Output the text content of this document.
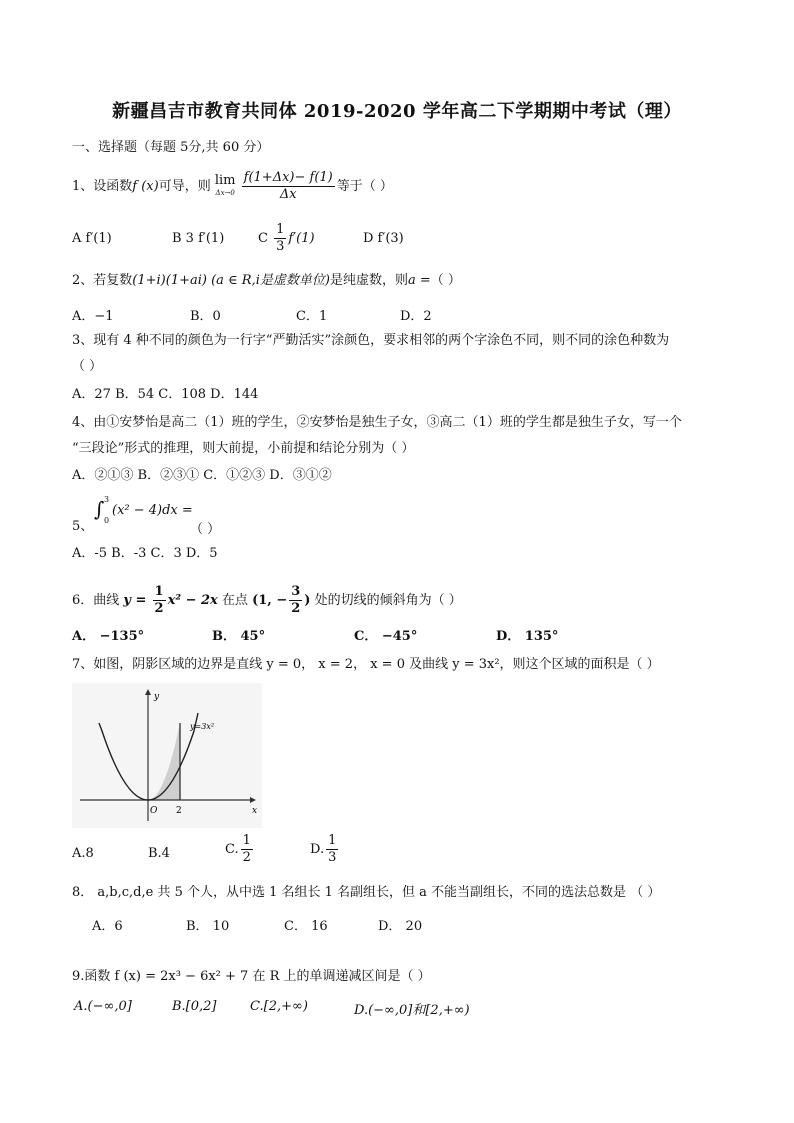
新疆昌吉市教育共同体 2019-2020 学年高二下学期期中考试（理）
一、选择题（每题 5分,共 60 分）
1、设函数f (x)可导，则 lim
Δx→0
$\frac{f(1+\Delta x)- f(1)}{\Delta x}$ 等于（ ）
A f′(1)	B 3 f′(1)	C $\frac{1}{3} f'(1)$	D f′(3)
2、若复数(1+i)(1+ai) (a ∈ R,i是虚数单位)是纯虚数，则a =（ ）
A．−1	B．0	C．1	D．2
3、现有 4 种不同的颜色为一行字“严勤活实”涂颜色，要求相邻的两个字涂色不同，则不同的涂色种数为
（ ）
A．27 B．54 C．108 D．144
4、由①安梦怡是高二（1）班的学生，②安梦怡是独生子女，③高二（1）班的学生都是独生子女，写一个
“三段论”形式的推理，则大前提，小前提和结论分别为（ ）
A．②①③ B．②③① C．①②③ D．③①②
∫ 3
0
(x² − 4)dx =
5、	（ ）
A．-5 B．-3 C．3 D．5
6．曲线 $y = \frac{1}{2} x^2 - 2x$ 在点 (1, − $\frac{3}{2}$ ) 处的切线的倾斜角为（ ）
A． −135°	B． 45°	C． −45°	D． 135°
7、如图，阴影区域的边界是直线 y = 0， x = 2， x = 0 及曲线 y = 3x²，则这个区域的面积是（ ）
y
x
y=3x²
O 2
A.8	B.4	C. $\frac{1}{2}$	D. $\frac{1}{3}$
8． a,b,c,d,e 共 5 个人，从中选 1 名组长 1 名副组长，但 a 不能当副组长，不同的选法总数是 （ ）
A．6	B． 10	C． 16	D． 20
9.函数 f (x) = 2x³ − 6x² + 7 在 R 上的单调递减区间是（ ）
A.(−∞,0]	B.[0,2]	C.[2,+∞)	D.(−∞,0]和[2,+∞)
